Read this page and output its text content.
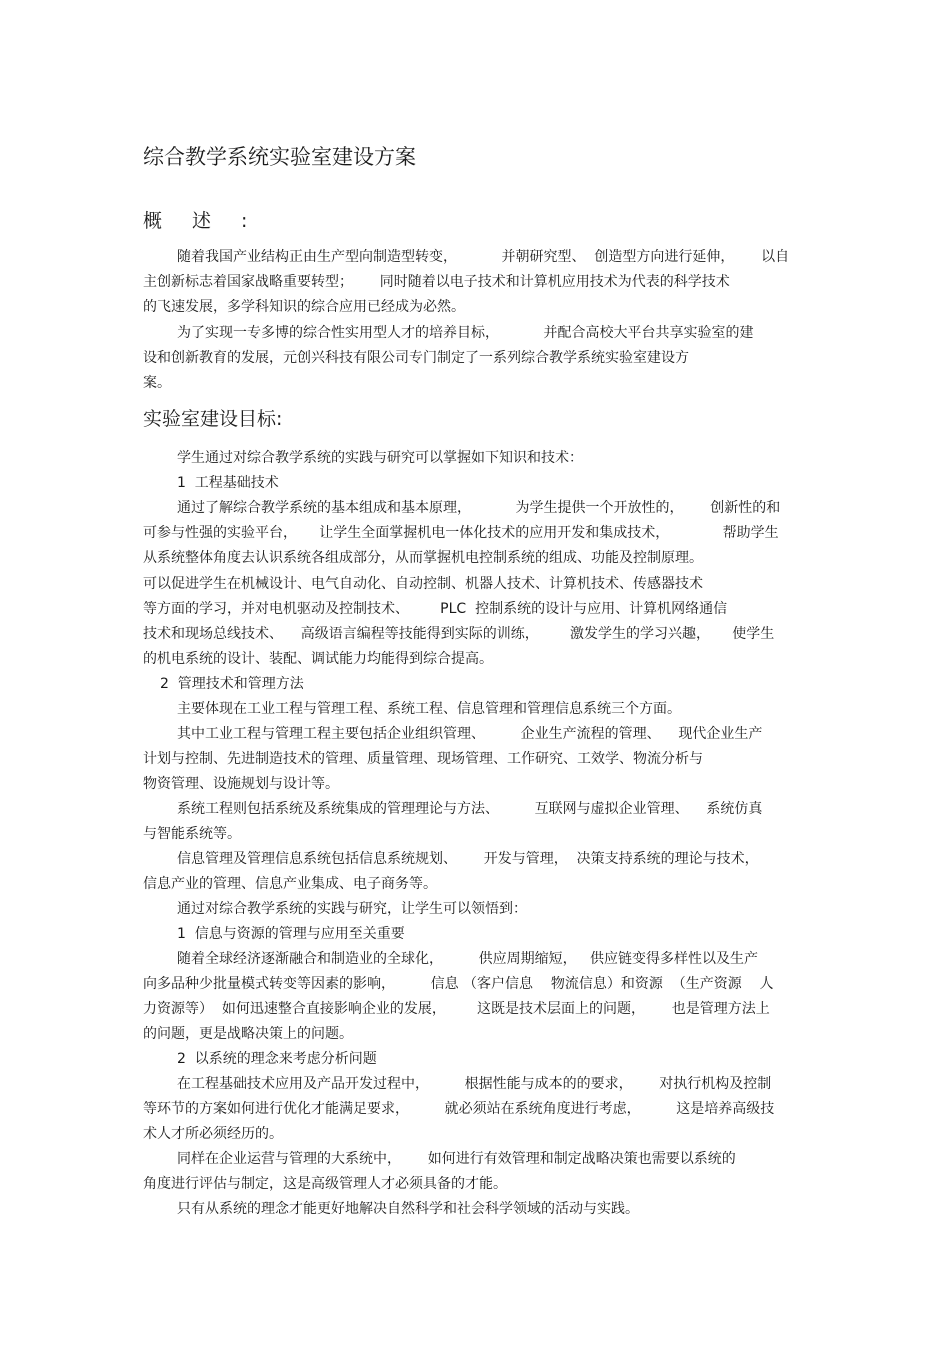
综合教学系统实验室建设方案
概述:
实验室建设目标:
随着我国产业结构正由生产型向制造型转变，          并朝研究型、  创造型方向进行延伸，      以自
主创新标志着国家战略重要转型；      同时随着以电子技术和计算机应用技术为代表的科学技术
的飞速发展，多学科知识的综合应用已经成为必然。
为了实现一专多博的综合性实用型人才的培养目标，          并配合高校大平台共享实验室的建
设和创新教育的发展，元创兴科技有限公司专门制定了一系列综合教学系统实验室建设方
案。
学生通过对综合教学系统的实践与研究可以掌握如下知识和技术：
1  工程基础技术
通过了解综合教学系统的基本组成和基本原理，          为学生提供一个开放性的，      创新性的和
可参与性强的实验平台，     让学生全面掌握机电一体化技术的应用开发和集成技术，            帮助学生
从系统整体角度去认识系统各组成部分，从而掌握机电控制系统的组成、功能及控制原理。
可以促进学生在机械设计、电气自动化、自动控制、机器人技术、计算机技术、传感器技术
等方面的学习，并对电机驱动及控制技术、       PLC  控制系统的设计与应用、计算机网络通信
技术和现场总线技术、    高级语言编程等技能得到实际的训练，       激发学生的学习兴趣，     使学生
的机电系统的设计、装配、调试能力均能得到综合提高。
2  管理技术和管理方法
主要体现在工业工程与管理工程、系统工程、信息管理和管理信息系统三个方面。
其中工业工程与管理工程主要包括企业组织管理、        企业生产流程的管理、    现代企业生产
计划与控制、先进制造技术的管理、质量管理、现场管理、工作研究、工效学、物流分析与
物资管理、设施规划与设计等。
系统工程则包括系统及系统集成的管理理论与方法、        互联网与虚拟企业管理、    系统仿真
与智能系统等。
信息管理及管理信息系统包括信息系统规划、      开发与管理，  决策支持系统的理论与技术，
信息产业的管理、信息产业集成、电子商务等。
通过对综合教学系统的实践与研究，让学生可以领悟到：
1  信息与资源的管理与应用至关重要
随着全球经济逐渐融合和制造业的全球化，        供应周期缩短，   供应链变得多样性以及生产
向多品种少批量模式转变等因素的影响，        信息 （客户信息    物流信息）和资源  （生产资源    人
力资源等）  如何迅速整合直接影响企业的发展，       这既是技术层面上的问题，      也是管理方法上
的问题，更是战略决策上的问题。
2  以系统的理念来考虑分析问题
在工程基础技术应用及产品开发过程中，        根据性能与成本的的要求，      对执行机构及控制
等环节的方案如何进行优化才能满足要求，        就必须站在系统角度进行考虑，        这是培养高级技
术人才所必须经历的。
同样在企业运营与管理的大系统中，      如何进行有效管理和制定战略决策也需要以系统的
角度进行评估与制定，这是高级管理人才必须具备的才能。
只有从系统的理念才能更好地解决自然科学和社会科学领域的活动与实践。
